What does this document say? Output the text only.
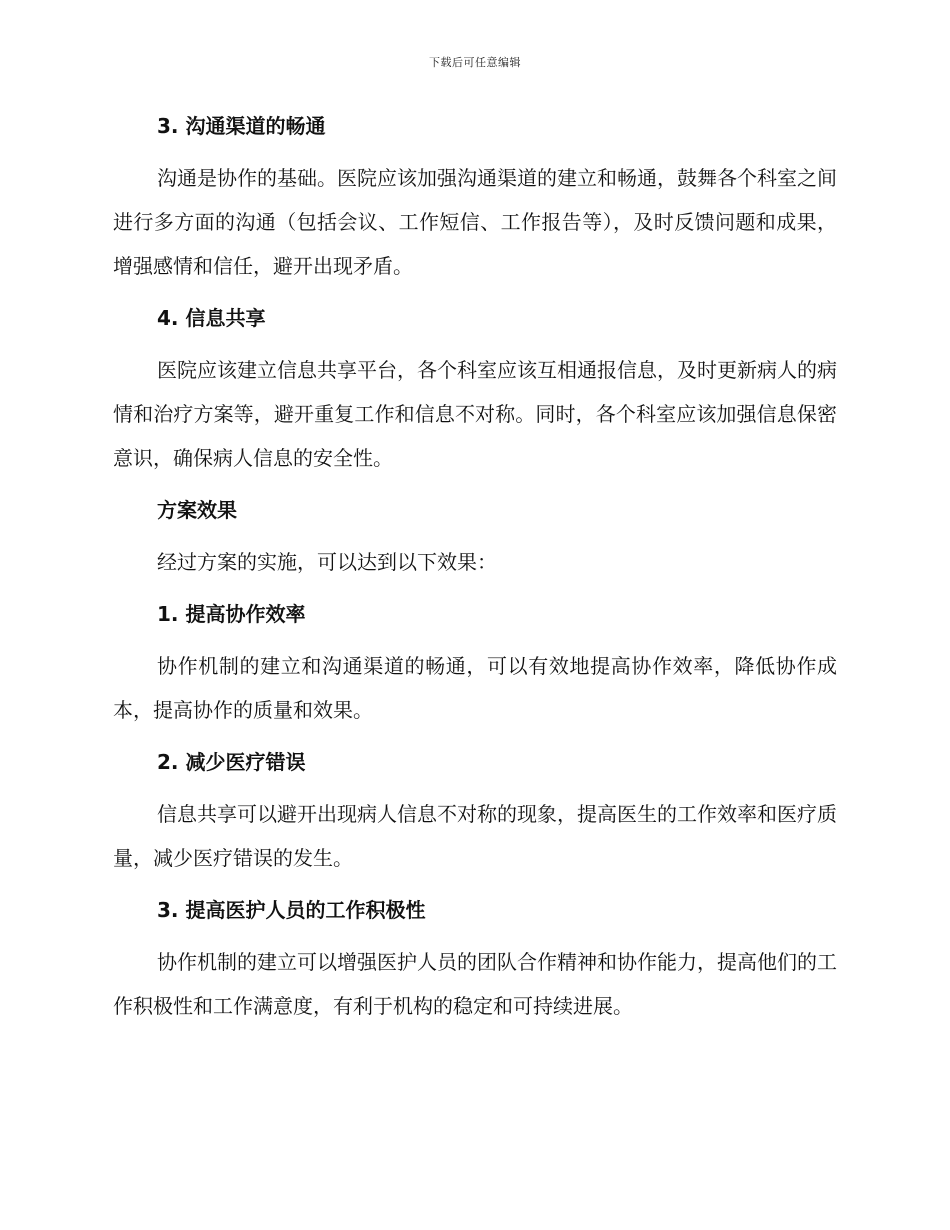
下载后可任意编辑

3. 沟通渠道的畅通

沟通是协作的基础。医院应该加强沟通渠道的建立和畅通，鼓舞各个科室之间进行多方面的沟通（包括会议、工作短信、工作报告等），及时反馈问题和成果，增强感情和信任，避开出现矛盾。

4. 信息共享

医院应该建立信息共享平台，各个科室应该互相通报信息，及时更新病人的病情和治疗方案等，避开重复工作和信息不对称。同时，各个科室应该加强信息保密意识，确保病人信息的安全性。

方案效果

经过方案的实施，可以达到以下效果：

1. 提高协作效率

协作机制的建立和沟通渠道的畅通，可以有效地提高协作效率，降低协作成本，提高协作的质量和效果。

2. 减少医疗错误

信息共享可以避开出现病人信息不对称的现象，提高医生的工作效率和医疗质量，减少医疗错误的发生。

3. 提高医护人员的工作积极性

协作机制的建立可以增强医护人员的团队合作精神和协作能力，提高他们的工作积极性和工作满意度，有利于机构的稳定和可持续进展。
